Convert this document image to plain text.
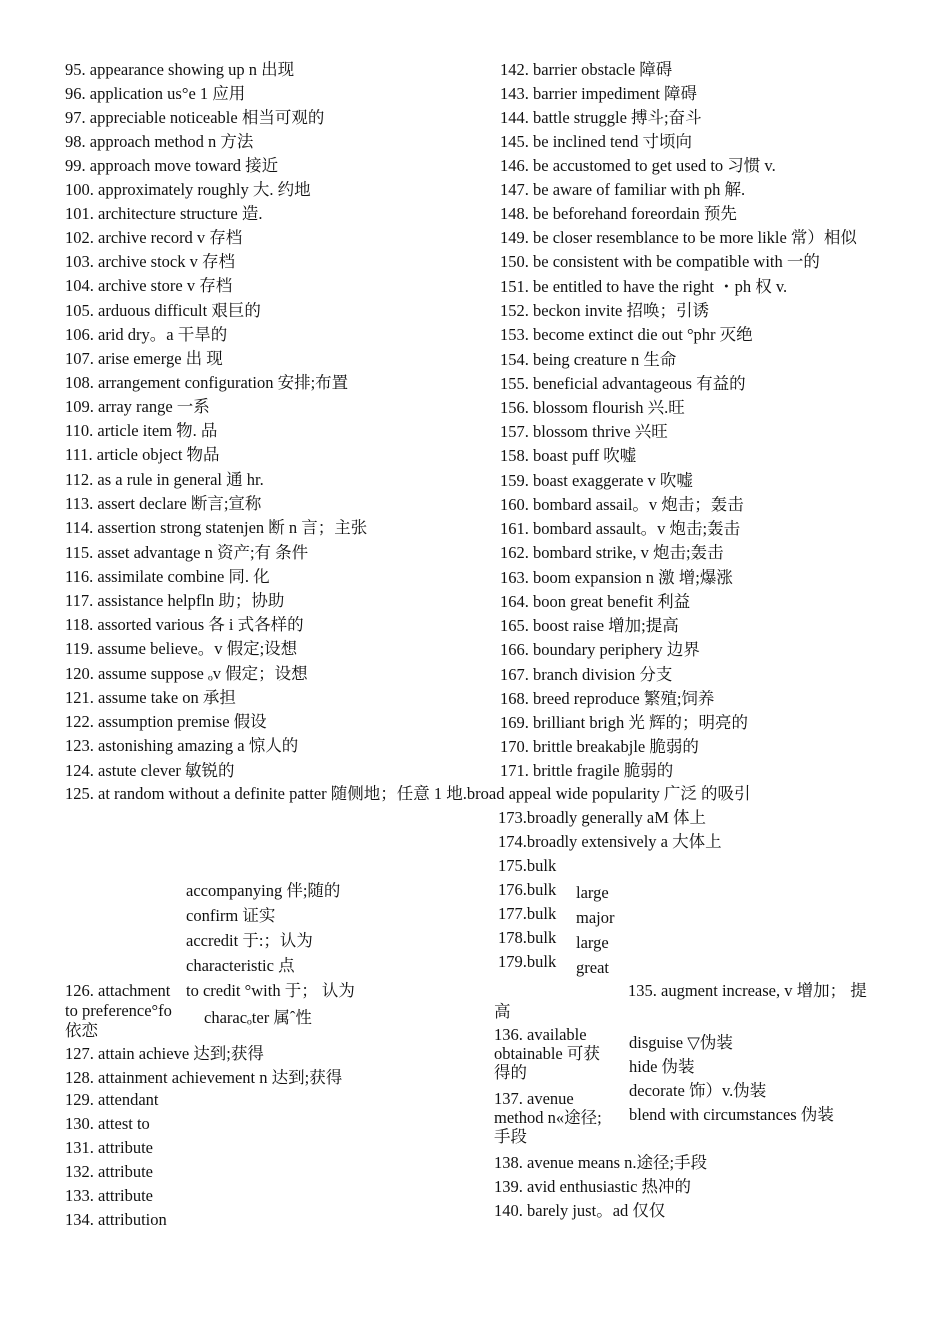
95. appearance showing up n 出现
96. application us°e 1 应用
97. appreciable noticeable 相当可观的
98. approach method n 方法
99. approach move toward 接近
100. approximately roughly 大. 约地
101. architecture structure 造.
102. archive record v 存档
103. archive stock v 存档
104. archive store v 存档
105. arduous difficult 艰巨的
106. arid dry。a 干旱的
107. arise emerge 出 现
108. arrangement configuration 安排;布置
109. array range 一系
110. article item 物. 品
111. article object 物品
112. as a rule in general 通 hr.
113. assert declare 断言;宣称
114. assertion strong statenjen 断 n 言；主张
115. asset advantage n 资产;有 条件
116. assimilate combine 同. 化
117. assistance helpfln 助；协助
118. assorted various 各 i 式各样的
119. assume believe。v 假定;设想
120. assume suppose ₒv 假定；设想
121. assume take on 承担
122. assumption premise 假设
123. astonishing amazing a 惊人的
124. astute clever 敏锐的
142. barrier obstacle 障碍
143. barrier impediment 障碍
144. battle struggle 搏斗;奋斗
145. be inclined tend 寸顷向
146. be accustomed to get used to 习惯 v.
147. be aware of familiar with ph 解.
148. be beforehand foreordain 预先
149. be closer resemblance to be more likle 常）相似
150. be consistent with be compatible with 一的
151. be entitled to have the right ・ph 权 v.
152. beckon invite 招唤；引诱
153. become extinct die out °phr 灭绝
154. being creature n 生命
155. beneficial advantageous 有益的
156. blossom flourish 兴.旺
157. blossom thrive 兴旺
158. boast puff 吹嘘
159. boast exaggerate v 吹嘘
160. bombard assail。v 炮击；轰击
161. bombard assault。v 炮击;轰击
162. bombard strike, v 炮击;轰击
163. boom expansion n 激 增;爆涨
164. boon great benefit 利益
165. boost raise 增加;提高
166. boundary periphery 边界
167. branch division 分支
168. breed reproduce 繁殖;饲养
169. brilliant brigh 光 辉的；明亮的
170. brittle breakabjle 脆弱的
171. brittle fragile 脆弱的
125. at random without a definite patter 随侧地；任意 1 地.broad appeal wide popularity 广泛 的吸引
173.broadly generally aM 体上
174.broadly extensively a 大体上
175.bulk
176.bulk
177.bulk
178.bulk
179.bulk
large
major
large
great
accompanying 伴;随的
confirm 证实
accredit 于:；认为
characteristic 点
to credit °with 于； 认为
characₒter 属ˆ性
126. attachment
to preference°fo
依恋
127. attain achieve 达到;获得
128. attainment achievement n 达到;获得
129. attendant
130. attest to
131. attribute
132. attribute
133. attribute
134. attribution
135. augment increase, v 增加； 提
高
136. available obtainable 可获得的
137. avenue method n«途径;手段
disguise ▽伪装
hide 伪装
decorate 饰）v.伪装
blend with circumstances 伪装
138. avenue means n.途径;手段
139. avid enthusiastic 热冲的
140. barely just。ad 仅仅
